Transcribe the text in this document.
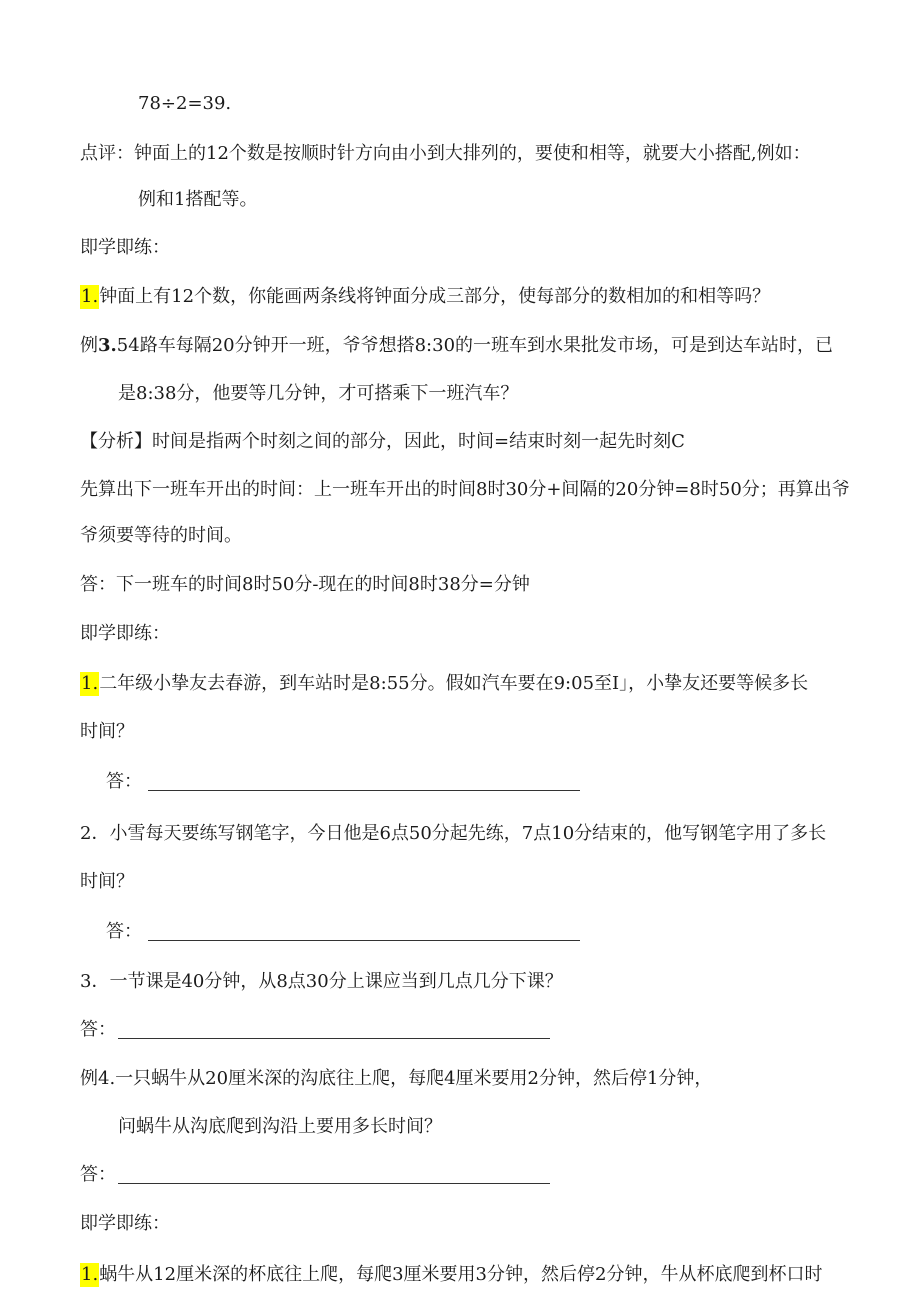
78÷2=39.
点评：钟面上的12个数是按顺时针方向由小到大排列的，要使和相等，就要大小搭配,例如：
例和1搭配等。
即学即练：
1.钟面上有12个数，你能画两条线将钟面分成三部分，使每部分的数相加的和相等吗？
例3.54路车每隔20分钟开一班，爷爷想搭8:30的一班车到水果批发市场，可是到达车站时，已
是8:38分，他要等几分钟，才可搭乘下一班汽车？
【分析】时间是指两个时刻之间的部分，因此，时间=结束时刻一起先时刻C
先算出下一班车开出的时间：上一班车开出的时间8时30分+间隔的20分钟=8时50分；再算出爷
爷须要等待的时间。
答：下一班车的时间8时50分-现在的时间8时38分=分钟
即学即练：
1.二年级小挚友去春游，到车站时是8:55分。假如汽车要在9:05至I」，小挚友还要等候多长
时间？
答：
2．小雪每天要练写钢笔字，今日他是6点50分起先练，7点10分结束的，他写钢笔字用了多长
时间？
答：
3．一节课是40分钟，从8点30分上课应当到几点几分下课？
答：
例4.一只蜗牛从20厘米深的沟底往上爬，每爬4厘米要用2分钟，然后停1分钟，
问蜗牛从沟底爬到沟沿上要用多长时间？
答：
即学即练：
1.蜗牛从12厘米深的杯底往上爬，每爬3厘米要用3分钟，然后停2分钟，牛从杯底爬到杯口时
